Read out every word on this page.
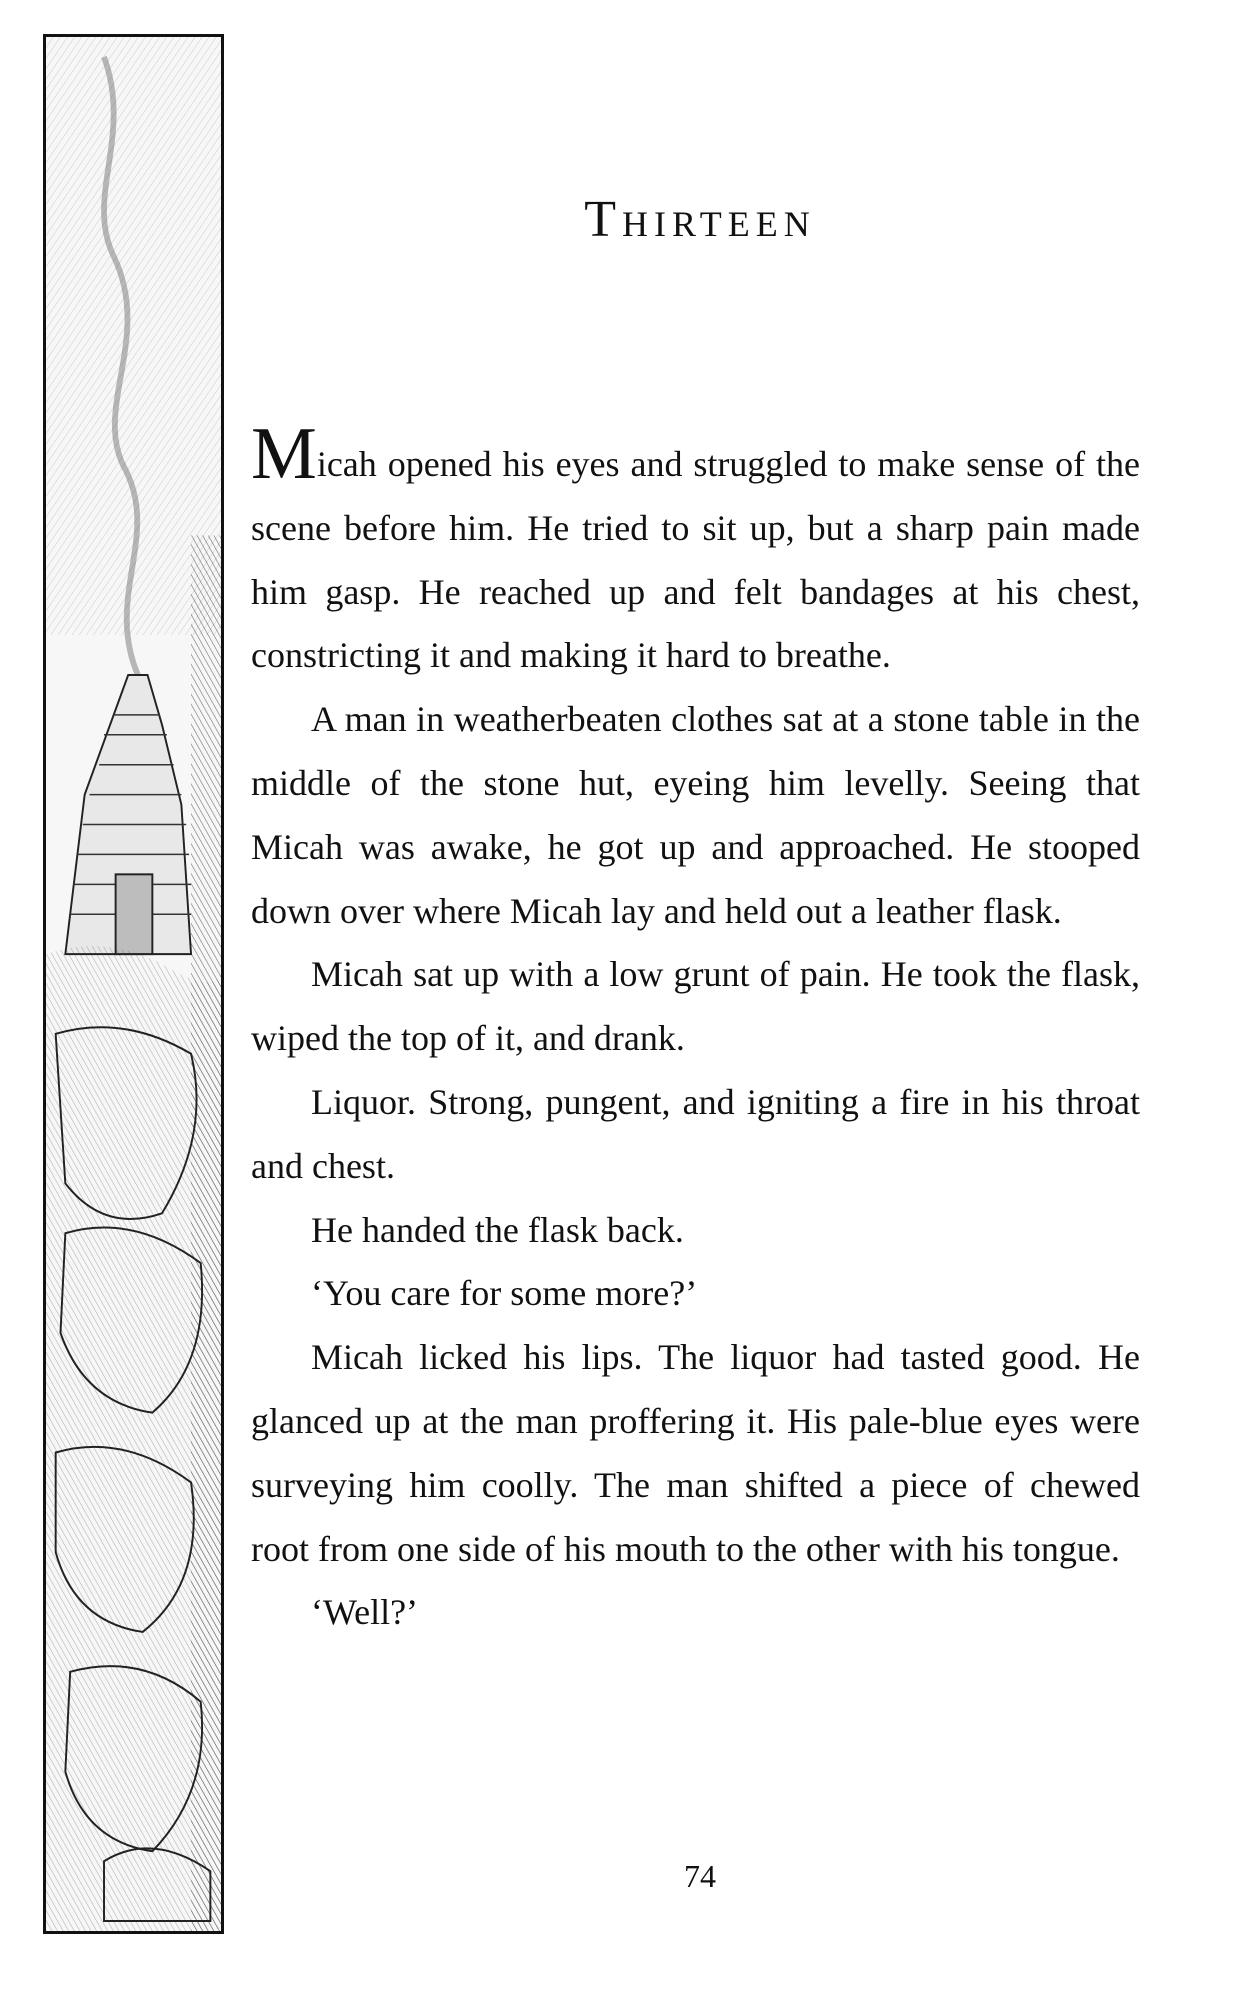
Thirteen

Micah opened his eyes and struggled to make sense of the scene before him. He tried to sit up, but a sharp pain made him gasp. He reached up and felt bandages at his chest, constricting it and making it hard to breathe.

A man in weatherbeaten clothes sat at a stone table in the middle of the stone hut, eyeing him levelly. Seeing that Micah was awake, he got up and approached. He stooped down over where Micah lay and held out a leather flask.

Micah sat up with a low grunt of pain. He took the flask, wiped the top of it, and drank.

Liquor. Strong, pungent, and igniting a fire in his throat and chest.

He handed the flask back.

‘You care for some more?’

Micah licked his lips. The liquor had tasted good. He glanced up at the man proffering it. His pale-blue eyes were surveying him coolly. The man shifted a piece of chewed root from one side of his mouth to the other with his tongue.

‘Well?’

74
